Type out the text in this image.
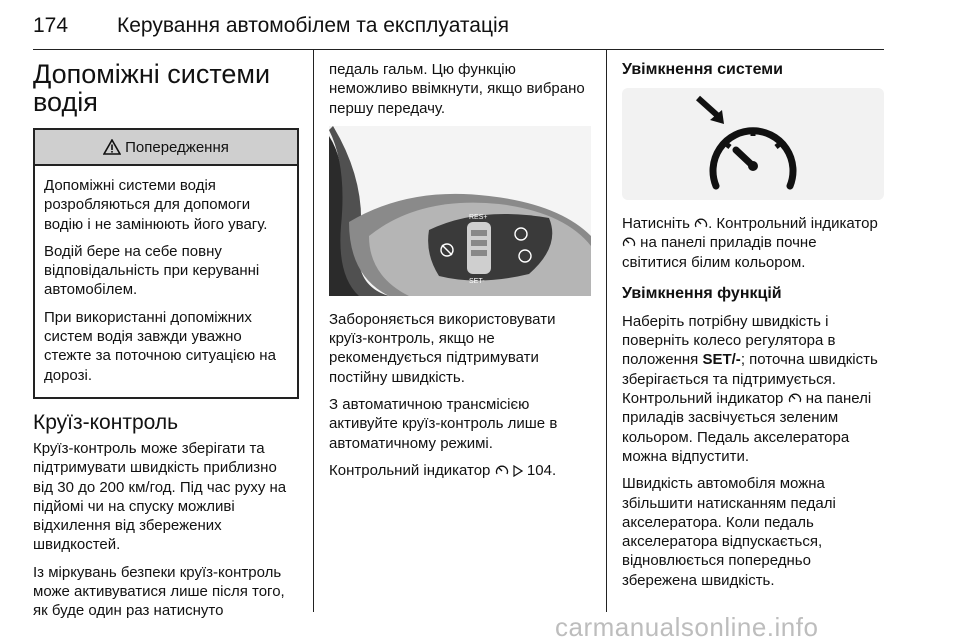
174 Керування автомобілем та експлуатація
Допоміжні системи
водія
Попередження

Допоміжні системи водія розробляються для допомоги водію і не замінюють його увагу.

Водій бере на себе повну відповідальність при керуванні автомобілем.

При використанні допоміжних систем водія завжди уважно стежте за поточною ситуацією на дорозі.

Круїз-контроль

Круїз-контроль може зберігати та підтримувати швидкість приблизно від 30 до 200 км/год. Під час руху на підйомі чи на спуску можливі відхилення від збережених швидкостей.

Із міркувань безпеки круїз-контроль може активуватися лише після того, як буде один раз натиснуто

педаль гальм. Цю функцію неможливо ввімкнути, якщо вибрано першу передачу.

RES+
SET-

Забороняється використовувати круїз-контроль, якщо не рекомендується підтримувати постійну швидкість.

З автоматичною трансмісією активуйте круїз-контроль лише в автоматичному режимі.

Контрольний індикатор 104.

Увімкнення системи

Натисніть . Контрольний індикатор  на панелі приладів почне світитися білим кольором.

Увімкнення функцій

Наберіть потрібну швидкість і поверніть колесо регулятора в положення SET/-; поточна швидкість зберігається та підтримується. Контрольний індикатор на панелі приладів засвічується зеленим кольором. Педаль акселератора можна відпустити.

Швидкість автомобіля можна збільшити натисканням педалі акселератора. Коли педаль акселератора відпускається, відновлюється попередньо збережена швидкість.

carmanualsonline.info
